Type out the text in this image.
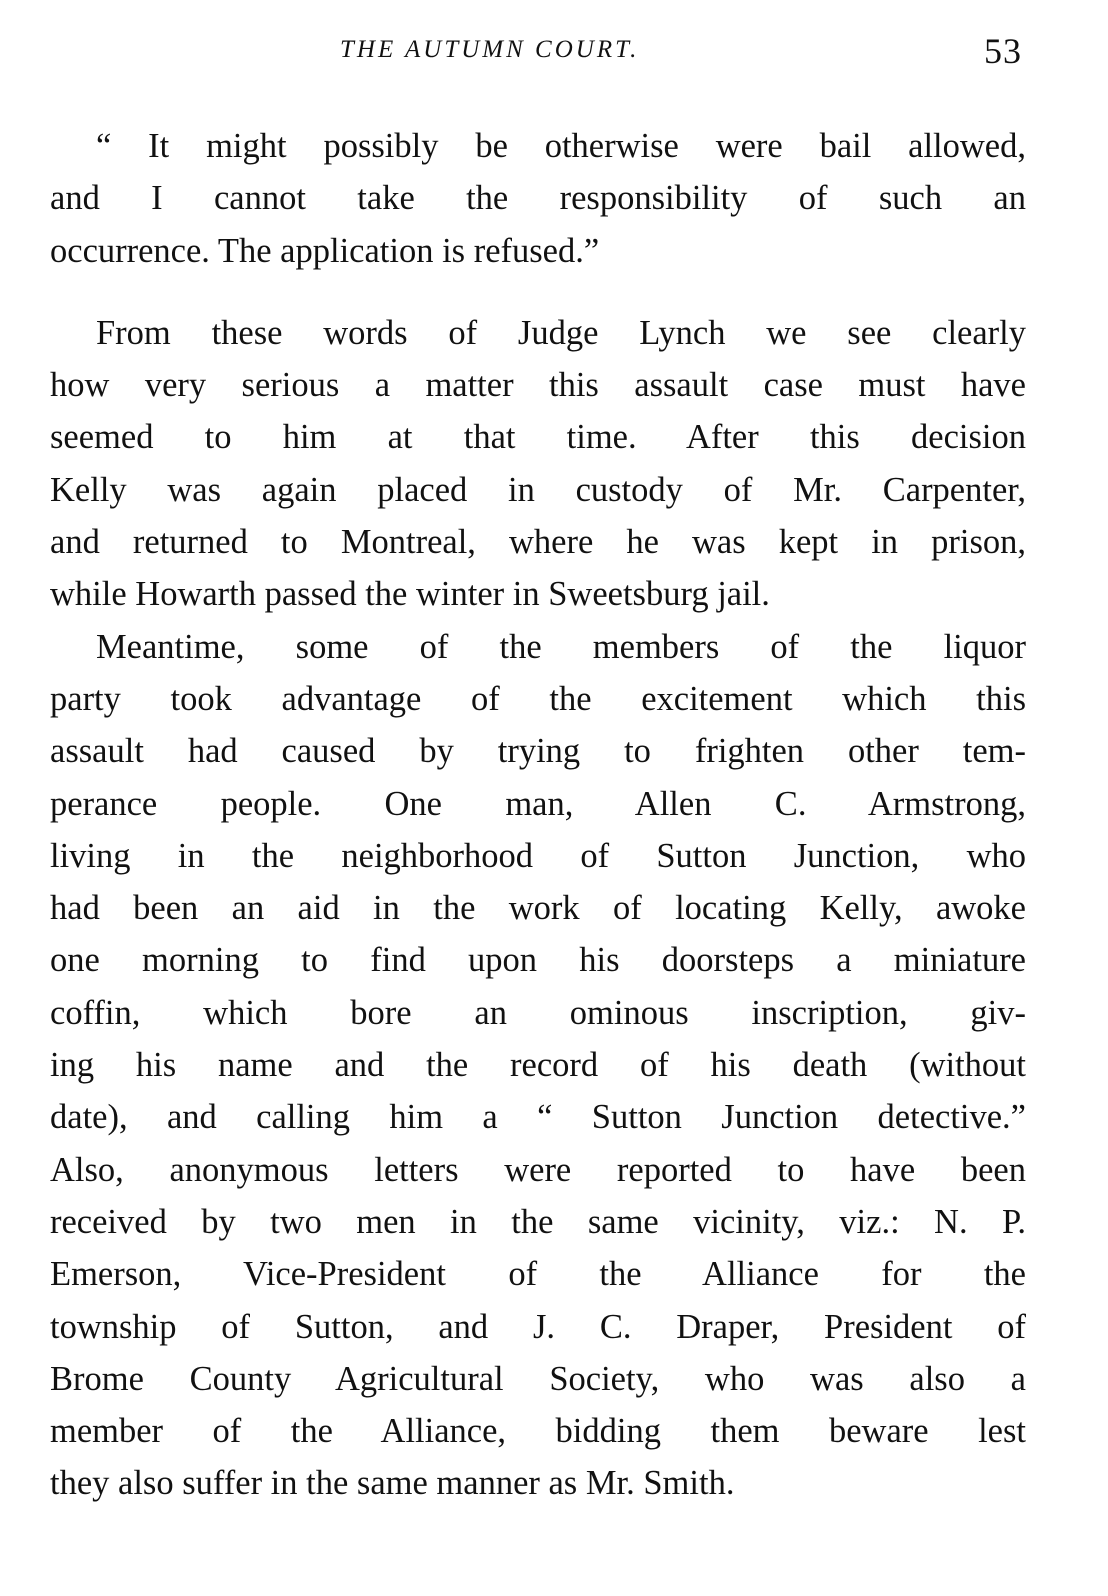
THE AUTUMN COURT.	53
“ It might possibly be otherwise were bail allowed,
and I cannot take the responsibility of such an
occurrence. The application is refused.”
From these words of Judge Lynch we see clearly
how very serious a matter this assault case must have
seemed to him at that time. After this decision
Kelly was again placed in custody of Mr. Carpenter,
and returned to Montreal, where he was kept in prison,
while Howarth passed the winter in Sweetsburg jail.
Meantime, some of the members of the liquor
party took advantage of the excitement which this
assault had caused by trying to frighten other tem-
perance people. One man, Allen C. Armstrong,
living in the neighborhood of Sutton Junction, who
had been an aid in the work of locating Kelly, awoke
one morning to find upon his doorsteps a miniature
coffin, which bore an ominous inscription, giv-
ing his name and the record of his death (without
date), and calling him a “ Sutton Junction detective.”
Also, anonymous letters were reported to have been
received by two men in the same vicinity, viz.: N. P.
Emerson, Vice-President of the Alliance for the
township of Sutton, and J. C. Draper, President of
Brome County Agricultural Society, who was also a
member of the Alliance, bidding them beware lest
they also suffer in the same manner as Mr. Smith.
